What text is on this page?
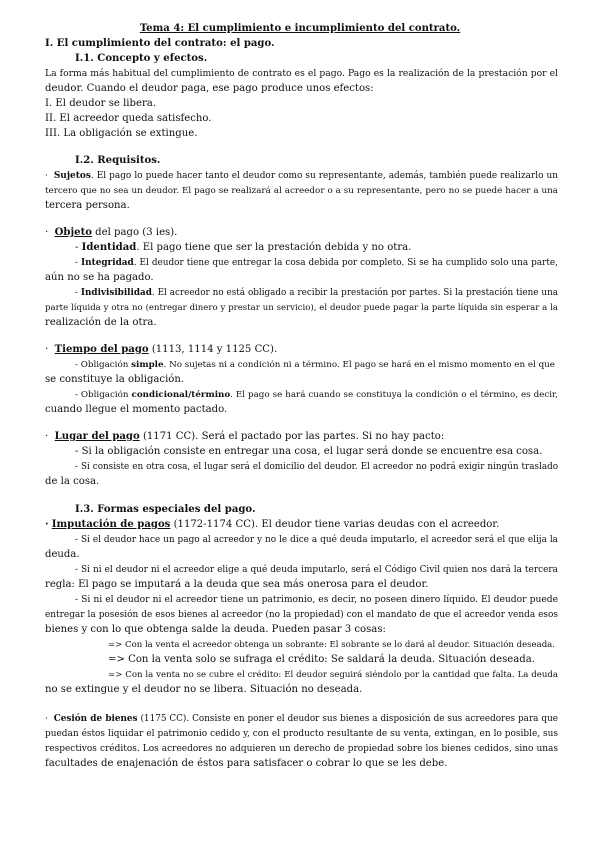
Tema 4: El cumplimiento e incumplimiento del contrato.
I. El cumplimiento del contrato: el pago.
I.1. Concepto y efectos.
La forma más habitual del cumplimiento de contrato es el pago. Pago es la realización de la prestación por el
deudor. Cuando el deudor paga, ese pago produce unos efectos:
I. El deudor se libera.
II. El acreedor queda satisfecho.
III. La obligación se extingue.
I.2. Requisitos.
· Sujetos. El pago lo puede hacer tanto el deudor como su representante, además, también puede realizarlo un
tercero que no sea un deudor. El pago se realizará al acreedor o a su representante, pero no se puede hacer a una
tercera persona.
· Objeto del pago (3 ies).
- Identidad. El pago tiene que ser la prestación debida y no otra.
- Integridad. El deudor tiene que entregar la cosa debida por completo. Si se ha cumplido solo una parte,
aún no se ha pagado.
- Indivisibilidad. El acreedor no está obligado a recibir la prestación por partes. Si la prestación tiene una
parte líquida y otra no (entregar dinero y prestar un servicio), el deudor puede pagar la parte líquida sin esperar a la
realización de la otra.
· Tiempo del pago (1113, 1114 y 1125 CC).
- Obligación simple. No sujetas ni a condición ni a término. El pago se hará en el mismo momento en el que
se constituye la obligación.
- Obligación condicional/término. El pago se hará cuando se constituya la condición o el término, es decir,
cuando llegue el momento pactado.
· Lugar del pago (1171 CC). Será el pactado por las partes. Si no hay pacto:
- Si la obligación consiste en entregar una cosa, el lugar será donde se encuentre esa cosa.
- Si consiste en otra cosa, el lugar será el domicilio del deudor. El acreedor no podrá exigir ningún traslado
de la cosa.
I.3. Formas especiales del pago.
· Imputación de pagos (1172-1174 CC). El deudor tiene varias deudas con el acreedor.
- Si el deudor hace un pago al acreedor y no le dice a qué deuda imputarlo, el acreedor será el que elija la
deuda.
- Si ni el deudor ni el acreedor elige a qué deuda imputarlo, será el Código Civil quien nos dará la tercera
regla: El pago se imputará a la deuda que sea más onerosa para el deudor.
- Si ni el deudor ni el acreedor tiene un patrimonio, es decir, no poseen dinero líquido. El deudor puede
entregar la posesión de esos bienes al acreedor (no la propiedad) con el mandato de que el acreedor venda esos
bienes y con lo que obtenga salde la deuda. Pueden pasar 3 cosas:
=> Con la venta el acreedor obtenga un sobrante: El sobrante se lo dará al deudor. Situación deseada.
=> Con la venta solo se sufraga el crédito: Se saldará la deuda. Situación deseada.
=> Con la venta no se cubre el crédito: El deudor seguirá siéndolo por la cantidad que falta. La deuda
no se extingue y el deudor no se libera. Situación no deseada.
· Cesión de bienes (1175 CC). Consiste en poner el deudor sus bienes a disposición de sus acreedores para que
puedan éstos liquidar el patrimonio cedido y, con el producto resultante de su venta, extingan, en lo posible, sus
respectivos créditos. Los acreedores no adquieren un derecho de propiedad sobre los bienes cedidos, sino unas
facultades de enajenación de éstos para satisfacer o cobrar lo que se les debe.
